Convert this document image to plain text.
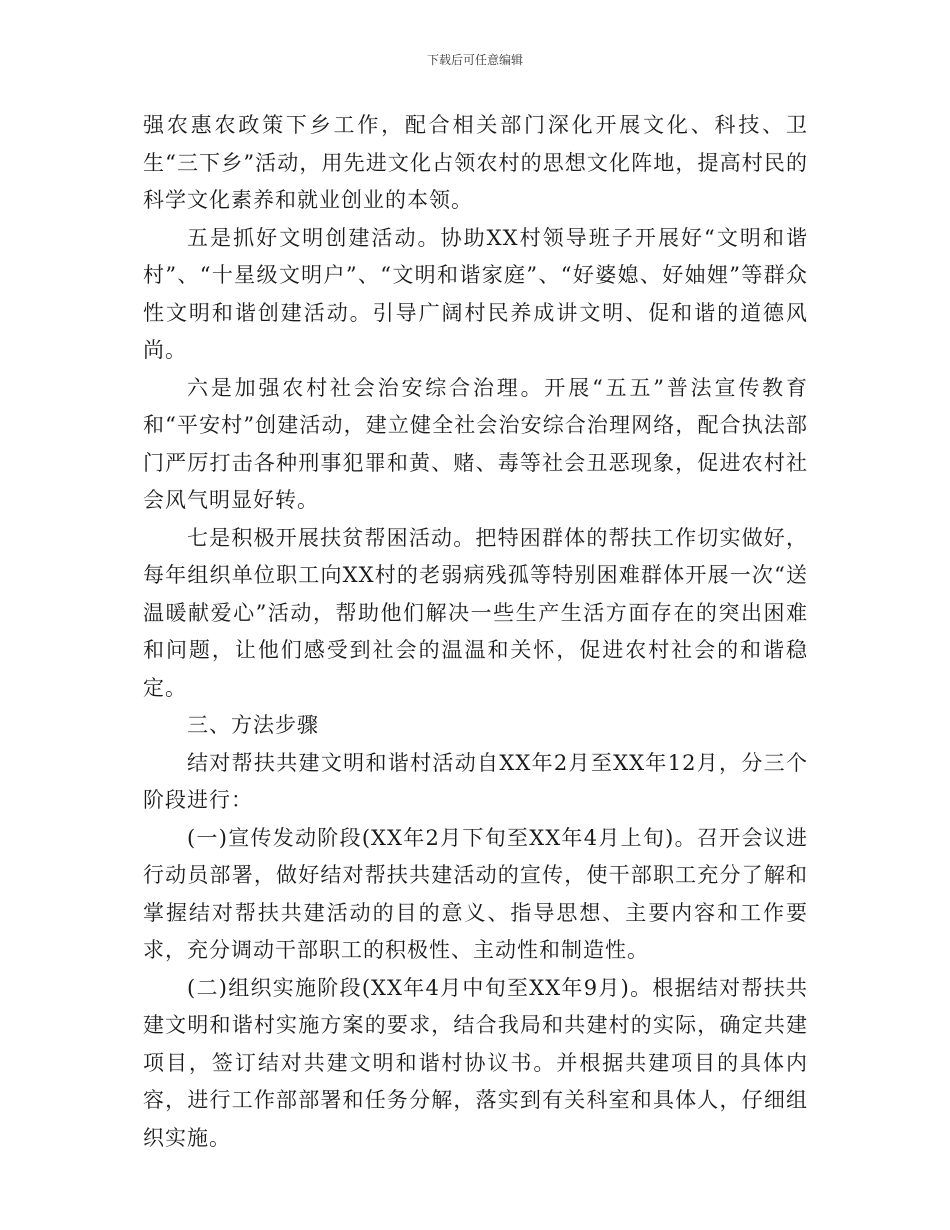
下载后可任意编辑

强农惠农政策下乡工作，配合相关部门深化开展文化、科技、卫生“三下乡”活动，用先进文化占领农村的思想文化阵地，提高村民的科学文化素养和就业创业的本领。

五是抓好文明创建活动。协助XX村领导班子开展好“文明和谐村”、“十星级文明户”、“文明和谐家庭”、“好婆媳、好妯娌”等群众性文明和谐创建活动。引导广阔村民养成讲文明、促和谐的道德风尚。

六是加强农村社会治安综合治理。开展“五五”普法宣传教育和“平安村”创建活动，建立健全社会治安综合治理网络，配合执法部门严厉打击各种刑事犯罪和黄、赌、毒等社会丑恶现象，促进农村社会风气明显好转。

七是积极开展扶贫帮困活动。把特困群体的帮扶工作切实做好，每年组织单位职工向XX村的老弱病残孤等特别困难群体开展一次“送温暖献爱心”活动，帮助他们解决一些生产生活方面存在的突出困难和问题，让他们感受到社会的温温和关怀，促进农村社会的和谐稳定。

三、方法步骤

结对帮扶共建文明和谐村活动自XX年2月至XX年12月，分三个阶段进行：

(一)宣传发动阶段(XX年2月下旬至XX年4月上旬)。召开会议进行动员部署，做好结对帮扶共建活动的宣传，使干部职工充分了解和掌握结对帮扶共建活动的目的意义、指导思想、主要内容和工作要求，充分调动干部职工的积极性、主动性和制造性。

(二)组织实施阶段(XX年4月中旬至XX年9月)。根据结对帮扶共建文明和谐村实施方案的要求，结合我局和共建村的实际，确定共建项目，签订结对共建文明和谐村协议书。并根据共建项目的具体内容，进行工作部部署和任务分解，落实到有关科室和具体人，仔细组织实施。
